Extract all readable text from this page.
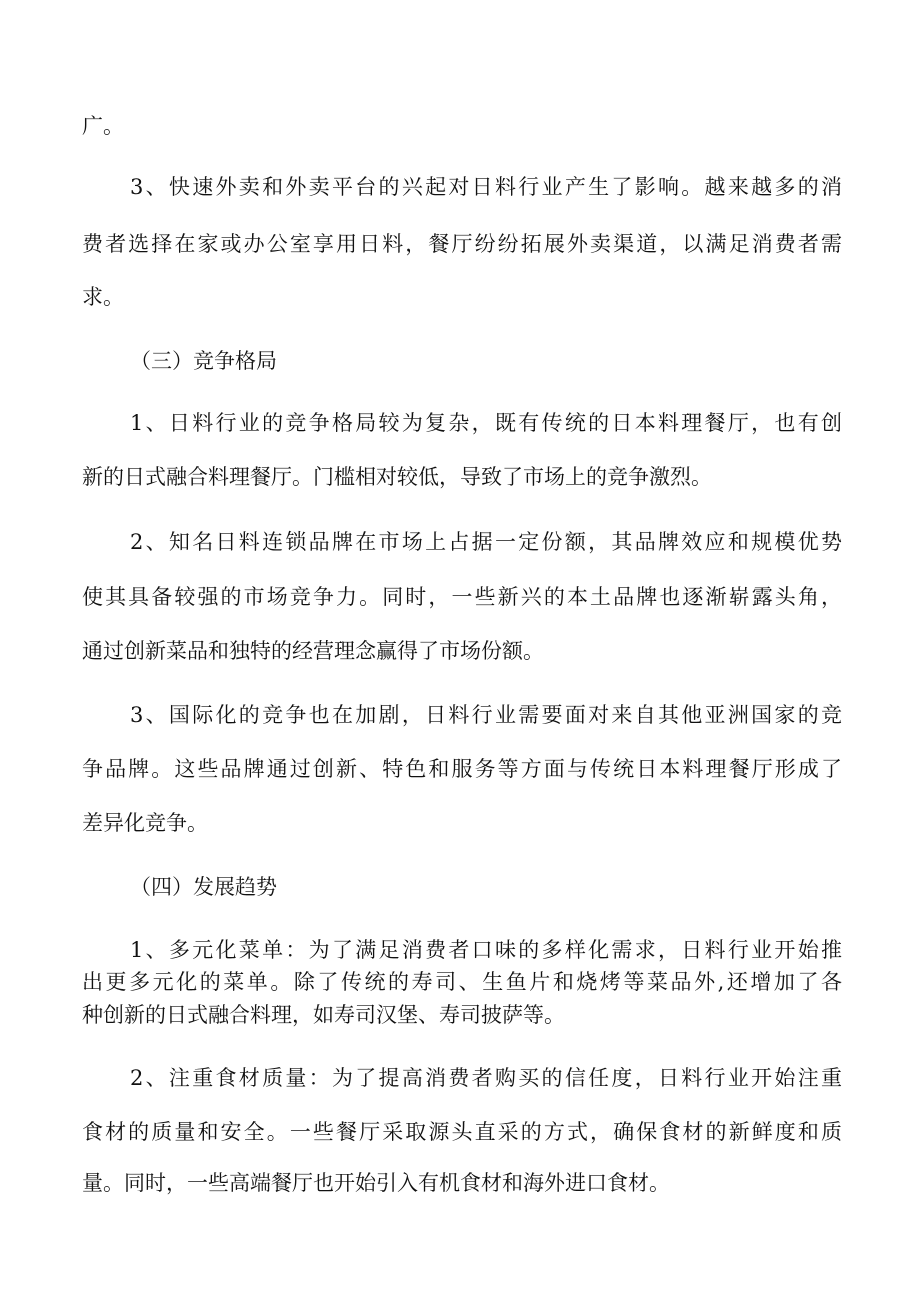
广。
3、快速外卖和外卖平台的兴起对日料行业产生了影响。越来越多的消
费者选择在家或办公室享用日料，餐厅纷纷拓展外卖渠道，以满足消费者需
求。
（三）竞争格局
1、日料行业的竞争格局较为复杂，既有传统的日本料理餐厅，也有创
新的日式融合料理餐厅。门槛相对较低，导致了市场上的竞争激烈。
2、知名日料连锁品牌在市场上占据一定份额，其品牌效应和规模优势
使其具备较强的市场竞争力。同时，一些新兴的本土品牌也逐渐崭露头角，
通过创新菜品和独特的经营理念赢得了市场份额。
3、国际化的竞争也在加剧，日料行业需要面对来自其他亚洲国家的竞
争品牌。这些品牌通过创新、特色和服务等方面与传统日本料理餐厅形成了
差异化竞争。
（四）发展趋势
1、多元化菜单：为了满足消费者口味的多样化需求，日料行业开始推
出更多元化的菜单。除了传统的寿司、生鱼片和烧烤等菜品外,还增加了各
种创新的日式融合料理，如寿司汉堡、寿司披萨等。
2、注重食材质量：为了提高消费者购买的信任度，日料行业开始注重
食材的质量和安全。一些餐厅采取源头直采的方式，确保食材的新鲜度和质
量。同时，一些高端餐厅也开始引入有机食材和海外进口食材。
